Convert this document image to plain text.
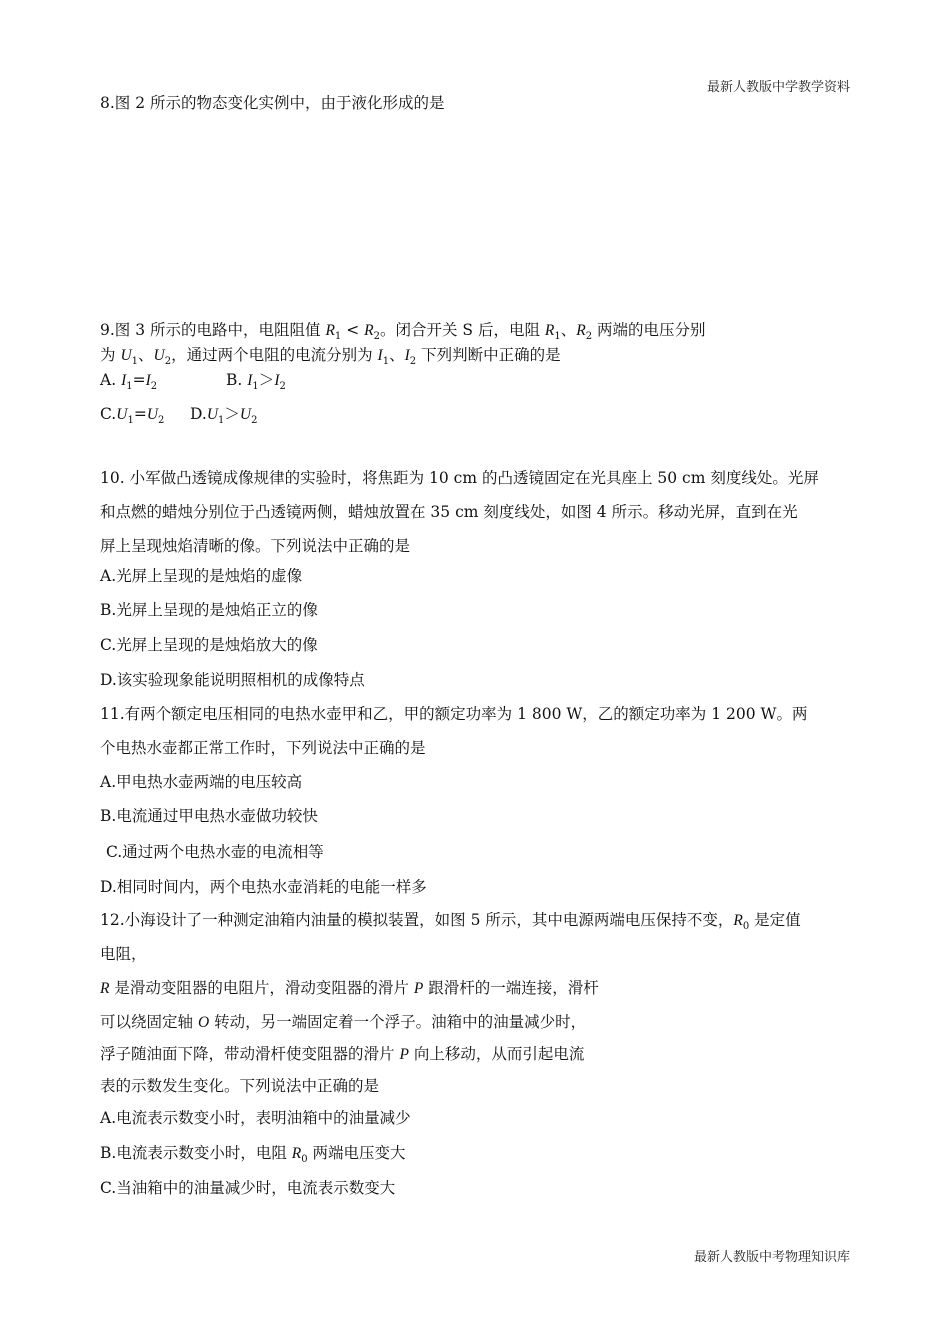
最新人教版中学教学资料
8.图 2 所示的物态变化实例中，由于液化形成的是
9.图 3 所示的电路中，电阻阻值 $R_1 < R_2$。闭合开关 S 后，电阻 $R_1$、$R_2$ 两端的电压分别
为 $U_1$、$U_2$，通过两个电阻的电流分别为 $I_1$、$I_2$ 下列判断中正确的是
A. $I_1=I_2$	B. $I_1>I_2$
$C.U_1=U_2$ $D.U_1>U_2$
10. 小军做凸透镜成像规律的实验时，将焦距为 10 cm 的凸透镜固定在光具座上 50 cm 刻度线处。光屏
和点燃的蜡烛分别位于凸透镜两侧，蜡烛放置在 35 cm 刻度线处，如图 4 所示。移动光屏，直到在光
屏上呈现烛焰清晰的像。下列说法中正确的是
A.光屏上呈现的是烛焰的虚像
B.光屏上呈现的是烛焰正立的像
C.光屏上呈现的是烛焰放大的像
D.该实验现象能说明照相机的成像特点
11.有两个额定电压相同的电热水壶甲和乙，甲的额定功率为 1 800 W，乙的额定功率为 1 200 W。两
个电热水壶都正常工作时，下列说法中正确的是
A.甲电热水壶两端的电压较高
B.电流通过甲电热水壶做功较快
C.通过两个电热水壶的电流相等
D.相同时间内，两个电热水壶消耗的电能一样多
12.小海设计了一种测定油箱内油量的模拟装置，如图 5 所示，其中电源两端电压保持不变，$R_0$ 是定值
电阻，
R 是滑动变阻器的电阻片，滑动变阻器的滑片 P 跟滑杆的一端连接，滑杆
可以绕固定轴 O 转动，另一端固定着一个浮子。油箱中的油量减少时，
浮子随油面下降，带动滑杆使变阻器的滑片 P 向上移动，从而引起电流
表的示数发生变化。下列说法中正确的是
A.电流表示数变小时，表明油箱中的油量减少
B.电流表示数变小时，电阻 $R_0$ 两端电压变大
C.当油箱中的油量减少时，电流表示数变大
最新人教版中考物理知识库
